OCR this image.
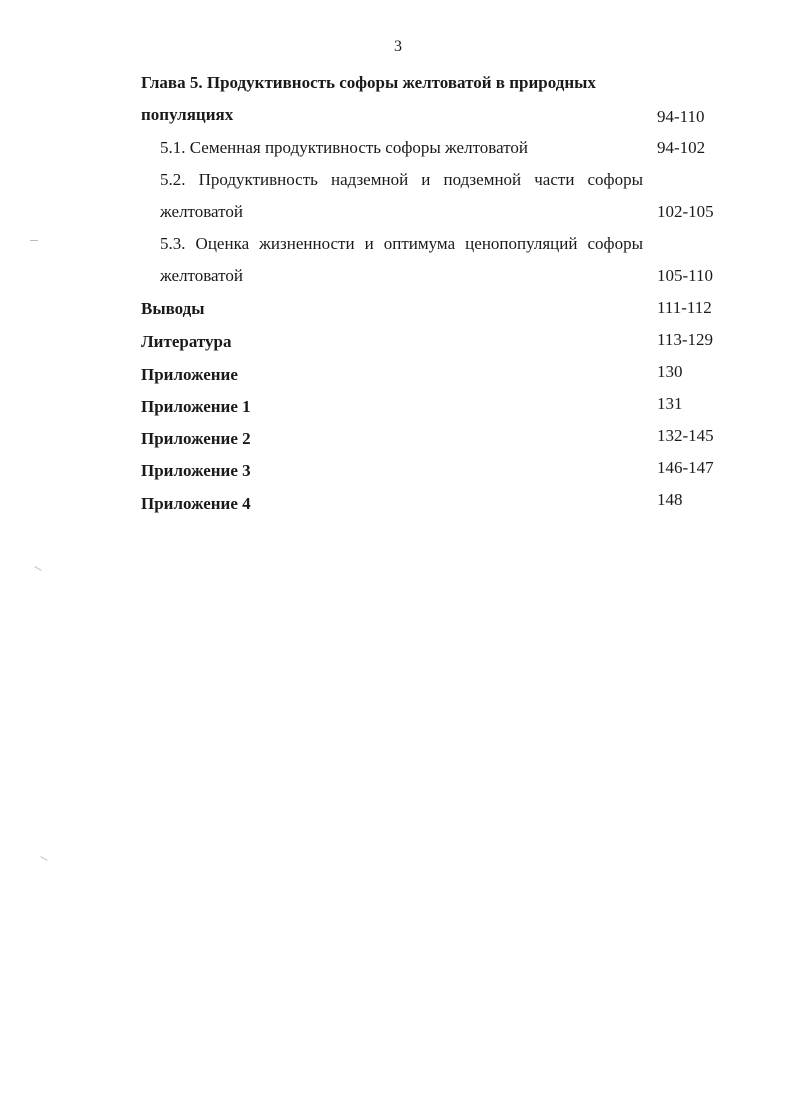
3
Глава 5. Продуктивность софоры желтоватой в природных
популяциях	94-110
5.1. Семенная продуктивность софоры желтоватой	94-102
5.2. Продуктивность надземной и подземной части софоры
желтоватой	102-105
5.3. Оценка жизненности и оптимума ценопопуляций софоры
желтоватой	105-110
Выводы	111-112
Литература	113-129
Приложение	130
Приложение 1	131
Приложение 2	132-145
Приложение 3	146-147
Приложение 4	148
